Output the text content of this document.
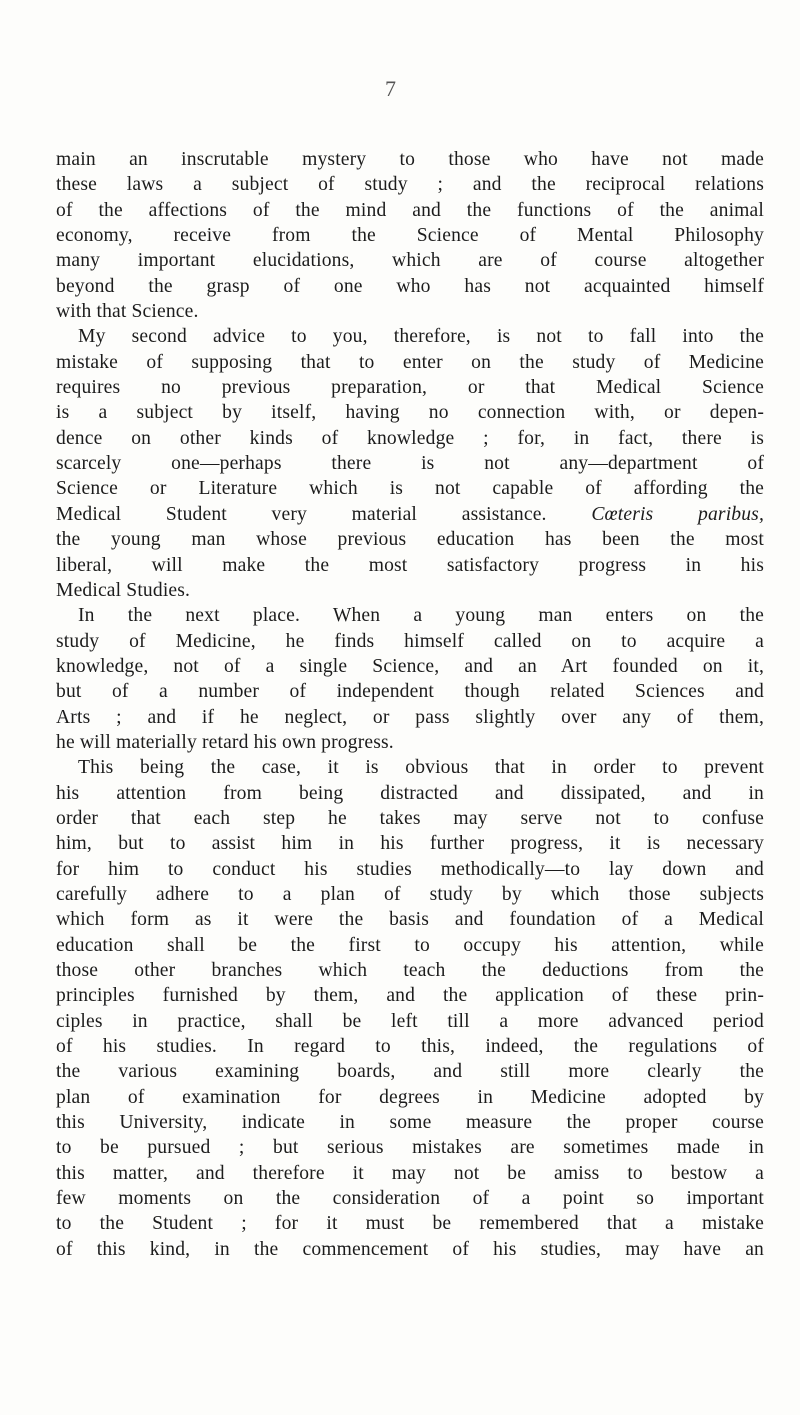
7
main an inscrutable mystery to those who have not made
these laws a subject of study ; and the reciprocal relations
of the affections of the mind and the functions of the animal
economy, receive from the Science of Mental Philosophy
many important elucidations, which are of course altogether
beyond the grasp of one who has not acquainted himself
with that Science.
My second advice to you, therefore, is not to fall into the
mistake of supposing that to enter on the study of Medicine
requires no previous preparation, or that Medical Science
is a subject by itself, having no connection with, or depen-
dence on other kinds of knowledge ; for, in fact, there is
scarcely one—perhaps there is not any—department of
Science or Literature which is not capable of affording the
Medical Student very material assistance. Cœteris paribus,
the young man whose previous education has been the most
liberal, will make the most satisfactory progress in his
Medical Studies.
In the next place. When a young man enters on the
study of Medicine, he finds himself called on to acquire a
knowledge, not of a single Science, and an Art founded on it,
but of a number of independent though related Sciences and
Arts ; and if he neglect, or pass slightly over any of them,
he will materially retard his own progress.
This being the case, it is obvious that in order to prevent
his attention from being distracted and dissipated, and in
order that each step he takes may serve not to confuse
him, but to assist him in his further progress, it is necessary
for him to conduct his studies methodically—to lay down and
carefully adhere to a plan of study by which those subjects
which form as it were the basis and foundation of a Medical
education shall be the first to occupy his attention, while
those other branches which teach the deductions from the
principles furnished by them, and the application of these prin-
ciples in practice, shall be left till a more advanced period
of his studies. In regard to this, indeed, the regulations of
the various examining boards, and still more clearly the
plan of examination for degrees in Medicine adopted by
this University, indicate in some measure the proper course
to be pursued ; but serious mistakes are sometimes made in
this matter, and therefore it may not be amiss to bestow a
few moments on the consideration of a point so important
to the Student ; for it must be remembered that a mistake
of this kind, in the commencement of his studies, may have an
